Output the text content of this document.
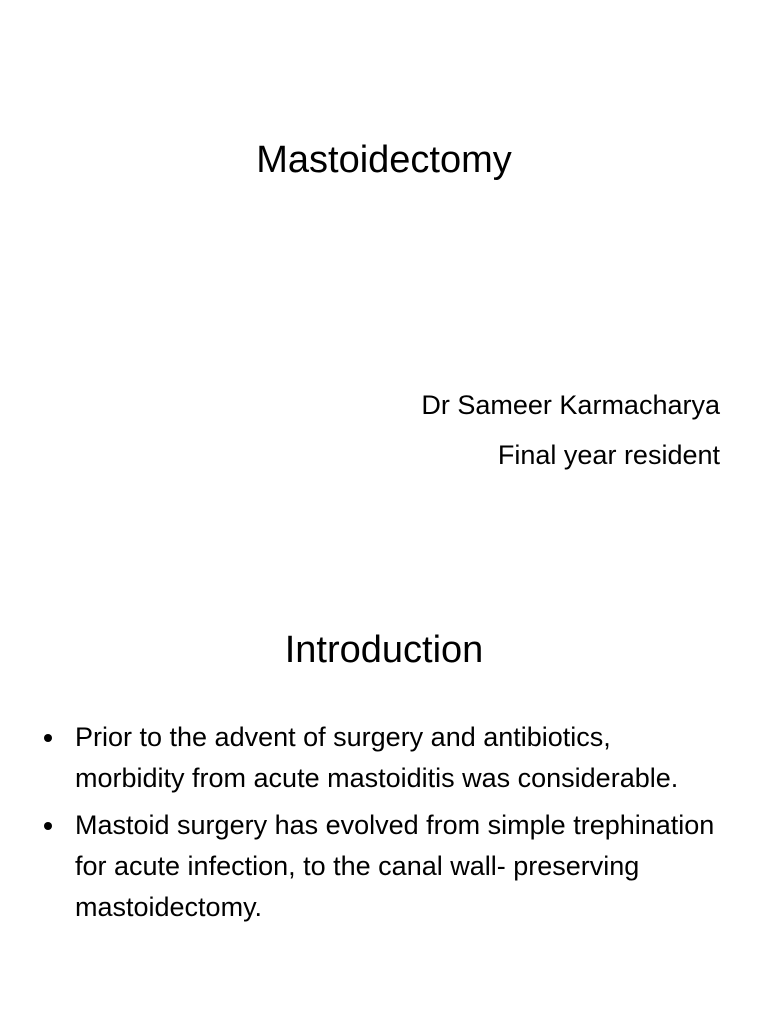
Mastoidectomy
Dr Sameer Karmacharya
Final year resident
Introduction
Prior to the advent of surgery and antibiotics, morbidity from acute mastoiditis was considerable.
Mastoid surgery has evolved from simple trephination for acute infection, to the canal wall- preserving mastoidectomy.
